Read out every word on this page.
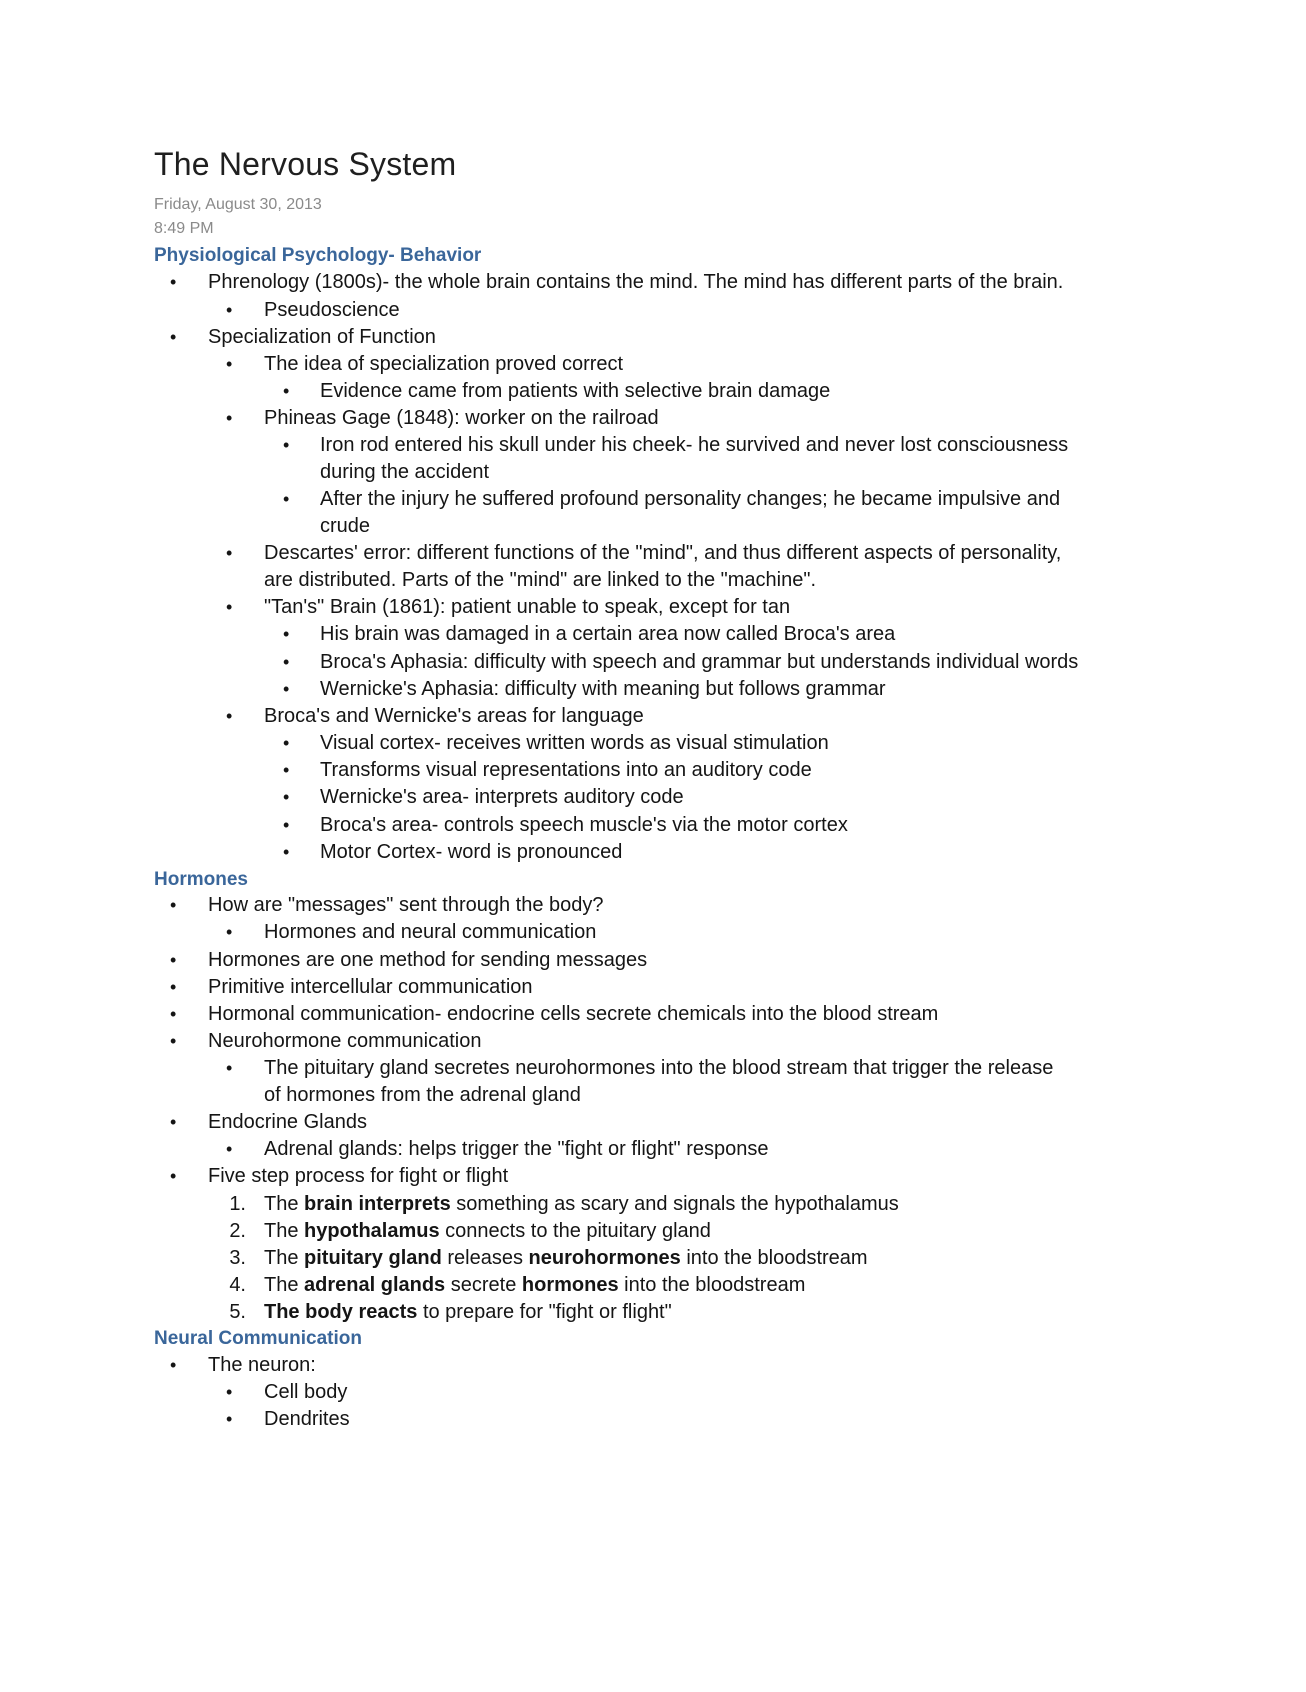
The Nervous System
Friday, August 30, 2013
8:49 PM
Physiological Psychology- Behavior
• Phrenology (1800s)- the whole brain contains the mind. The mind has different parts of the brain.
• Pseudoscience
• Specialization of Function
• The idea of specialization proved correct
• Evidence came from patients with selective brain damage
• Phineas Gage (1848): worker on the railroad
• Iron rod entered his skull under his cheek- he survived and never lost consciousness
during the accident
• After the injury he suffered profound personality changes; he became impulsive and
crude
• Descartes' error: different functions of the "mind", and thus different aspects of personality,
are distributed. Parts of the "mind" are linked to the "machine".
• "Tan's" Brain (1861): patient unable to speak, except for tan
• His brain was damaged in a certain area now called Broca's area
• Broca's Aphasia: difficulty with speech and grammar but understands individual words
• Wernicke's Aphasia: difficulty with meaning but follows grammar
• Broca's and Wernicke's areas for language
• Visual cortex- receives written words as visual stimulation
• Transforms visual representations into an auditory code
• Wernicke's area- interprets auditory code
• Broca's area- controls speech muscle's via the motor cortex
• Motor Cortex- word is pronounced
Hormones
• How are "messages" sent through the body?
• Hormones and neural communication
• Hormones are one method for sending messages
• Primitive intercellular communication
• Hormonal communication- endocrine cells secrete chemicals into the blood stream
• Neurohormone communication
• The pituitary gland secretes neurohormones into the blood stream that trigger the release
of hormones from the adrenal gland
• Endocrine Glands
• Adrenal glands: helps trigger the "fight or flight" response
• Five step process for fight or flight
1. The brain interprets something as scary and signals the hypothalamus
2. The hypothalamus connects to the pituitary gland
3. The pituitary gland releases neurohormones into the bloodstream
4. The adrenal glands secrete hormones into the bloodstream
5. The body reacts to prepare for "fight or flight"
Neural Communication
• The neuron:
• Cell body
• Dendrites
